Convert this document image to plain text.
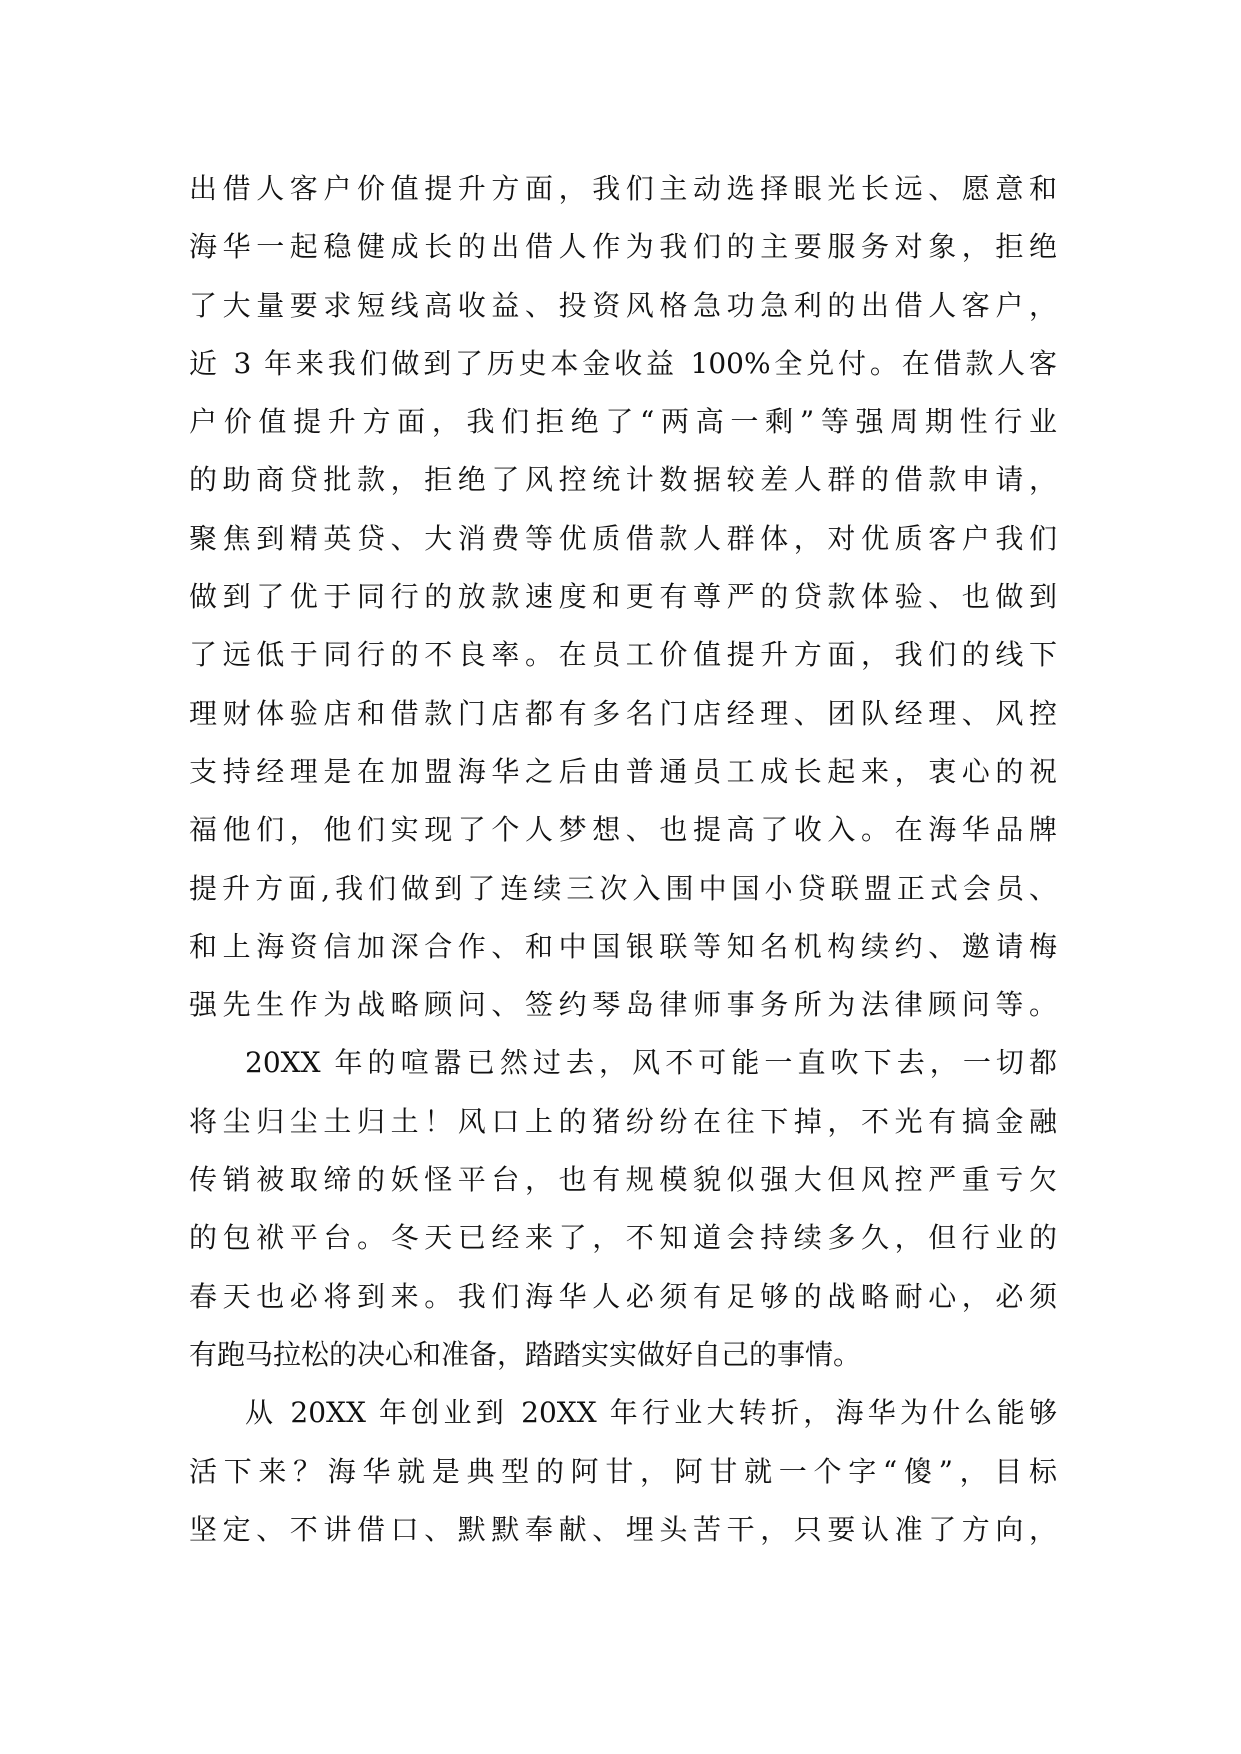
出借人客户价值提升方面，我们主动选择眼光长远、愿意和
海华一起稳健成长的出借人作为我们的主要服务对象，拒绝
了大量要求短线高收益、投资风格急功急利的出借人客户，
近 3 年来我们做到了历史本金收益 100%全兑付。在借款人客
户价值提升方面，我们拒绝了“两高一剩”等强周期性行业
的助商贷批款，拒绝了风控统计数据较差人群的借款申请，
聚焦到精英贷、大消费等优质借款人群体，对优质客户我们
做到了优于同行的放款速度和更有尊严的贷款体验、也做到
了远低于同行的不良率。在员工价值提升方面，我们的线下
理财体验店和借款门店都有多名门店经理、团队经理、风控
支持经理是在加盟海华之后由普通员工成长起来，衷心的祝
福他们，他们实现了个人梦想、也提高了收入。在海华品牌
提升方面,我们做到了连续三次入围中国小贷联盟正式会员、
和上海资信加深合作、和中国银联等知名机构续约、邀请梅
强先生作为战略顾问、签约琴岛律师事务所为法律顾问等。
20XX 年的喧嚣已然过去，风不可能一直吹下去，一切都
将尘归尘土归土！风口上的猪纷纷在往下掉，不光有搞金融
传销被取缔的妖怪平台，也有规模貌似强大但风控严重亏欠
的包袱平台。冬天已经来了，不知道会持续多久，但行业的
春天也必将到来。我们海华人必须有足够的战略耐心，必须
有跑马拉松的决心和准备，踏踏实实做好自己的事情。
从 20XX 年创业到 20XX 年行业大转折，海华为什么能够
活下来？海华就是典型的阿甘，阿甘就一个字“傻”，目标
坚定、不讲借口、默默奉献、埋头苦干，只要认准了方向，
